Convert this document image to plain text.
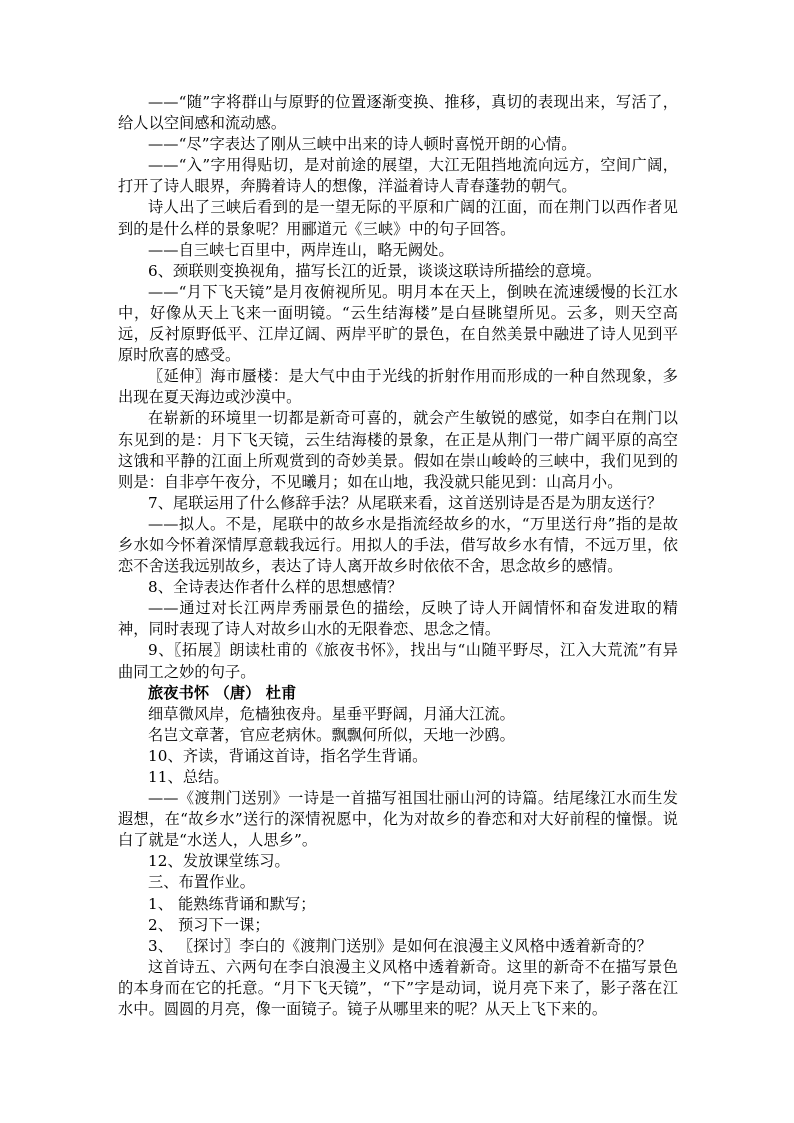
——“随”字将群山与原野的位置逐渐变换、推移，真切的表现出来，写活了，给人以空间感和流动感。

——“尽”字表达了刚从三峡中出来的诗人顿时喜悦开朗的心情。

——“入”字用得贴切，是对前途的展望，大江无阻挡地流向远方，空间广阔，打开了诗人眼界，奔腾着诗人的想像，洋溢着诗人青春蓬勃的朝气。

诗人出了三峡后看到的是一望无际的平原和广阔的江面，而在荆门以西作者见到的是什么样的景象呢？用郦道元《三峡》中的句子回答。

——自三峡七百里中，两岸连山，略无阙处。

6、颈联则变换视角，描写长江的近景，谈谈这联诗所描绘的意境。

——“月下飞天镜”是月夜俯视所见。明月本在天上，倒映在流速缓慢的长江水中，好像从天上飞来一面明镜。“云生结海楼”是白昼眺望所见。云多，则天空高远，反衬原野低平、江岸辽阔、两岸平旷的景色，在自然美景中融进了诗人见到平原时欣喜的感受。

〖延伸〗海市蜃楼：是大气中由于光线的折射作用而形成的一种自然现象，多出现在夏天海边或沙漠中。

在崭新的环境里一切都是新奇可喜的，就会产生敏锐的感觉，如李白在荆门以东见到的是：月下飞天镜，云生结海楼的景象，在正是从荆门一带广阔平原的高空这饿和平静的江面上所观赏到的奇妙美景。假如在崇山峻岭的三峡中，我们见到的则是：自非亭午夜分，不见曦月；如在山地，我没就只能见到：山高月小。

7、尾联运用了什么修辞手法？从尾联来看，这首送别诗是否是为朋友送行？

——拟人。不是，尾联中的故乡水是指流经故乡的水，“万里送行舟”指的是故乡水如今怀着深情厚意载我远行。用拟人的手法，借写故乡水有情，不远万里，依恋不舍送我远别故乡，表达了诗人离开故乡时依依不舍，思念故乡的感情。

8、全诗表达作者什么样的思想感情？

——通过对长江两岸秀丽景色的描绘，反映了诗人开阔情怀和奋发进取的精神，同时表现了诗人对故乡山水的无限眷恋、思念之情。

9、〖拓展〗朗读杜甫的《旅夜书怀》，找出与“山随平野尽，江入大荒流”有异曲同工之妙的句子。

旅夜书怀 （唐） 杜甫

细草微风岸，危樯独夜舟。星垂平野阔，月涌大江流。

名岂文章著，官应老病休。飘飘何所似，天地一沙鸥。

10、齐读，背诵这首诗，指名学生背诵。

11、总结。

——《渡荆门送别》一诗是一首描写祖国壮丽山河的诗篇。结尾缘江水而生发遐想，在“故乡水”送行的深情祝愿中，化为对故乡的眷恋和对大好前程的憧憬。说白了就是“水送人，人思乡”。

12、发放课堂练习。

三、布置作业。

1、 能熟练背诵和默写；

2、 预习下一课；

3、 〖探讨〗李白的《渡荆门送别》是如何在浪漫主义风格中透着新奇的？

这首诗五、六两句在李白浪漫主义风格中透着新奇。这里的新奇不在描写景色的本身而在它的托意。“月下飞天镜”，“下”字是动词，说月亮下来了，影子落在江水中。圆圆的月亮，像一面镜子。镜子从哪里来的呢？从天上飞下来的。
